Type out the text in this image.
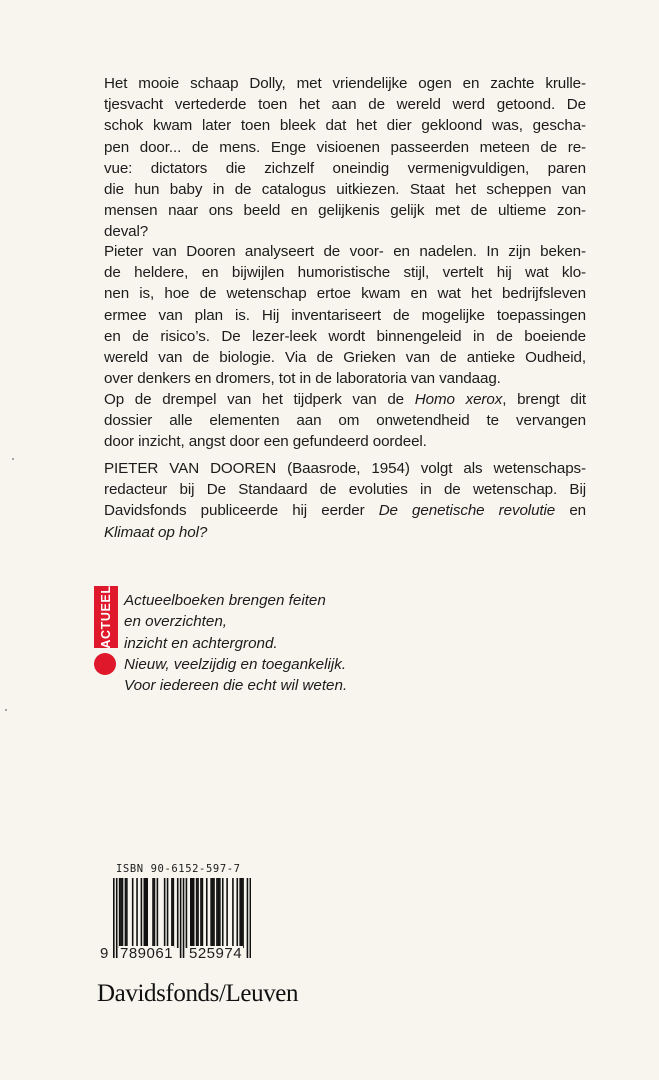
Het mooie schaap Dolly, met vriendelijke ogen en zachte krulle-
tjesvacht vertederde toen het aan de wereld werd getoond. De
schok kwam later toen bleek dat het dier gekloond was, gescha-
pen door... de mens. Enge visioenen passeerden meteen de re-
vue: dictators die zichzelf oneindig vermenigvuldigen, paren
die hun baby in de catalogus uitkiezen. Staat het scheppen van
mensen naar ons beeld en gelijkenis gelijk met de ultieme zon-
deval?
Pieter van Dooren analyseert de voor- en nadelen. In zijn beken-
de heldere, en bijwijlen humoristische stijl, vertelt hij wat klo-
nen is, hoe de wetenschap ertoe kwam en wat het bedrijfsleven
ermee van plan is. Hij inventariseert de mogelijke toepassingen
en de risico’s. De lezer-leek wordt binnengeleid in de boeiende
wereld van de biologie. Via de Grieken van de antieke Oudheid,
over denkers en dromers, tot in de laboratoria van vandaag.
Op de drempel van het tijdperk van de Homo xerox, brengt dit
dossier alle elementen aan om onwetendheid te vervangen
door inzicht, angst door een gefundeerd oordeel.
PIETER VAN DOOREN (Baasrode, 1954) volgt als wetenschaps-
redacteur bij De Standaard de evoluties in de wetenschap. Bij
Davidsfonds publiceerde hij eerder De genetische revolutie en
Klimaat op hol?
ACTUEEL Actueelboeken brengen feiten
en overzichten,
inzicht en achtergrond.
Nieuw, veelzijdig en toegankelijk.
Voor iedereen die echt wil weten.
ISBN 90-6152-597-7
9 789061 525974
Davidsfonds/Leuven
